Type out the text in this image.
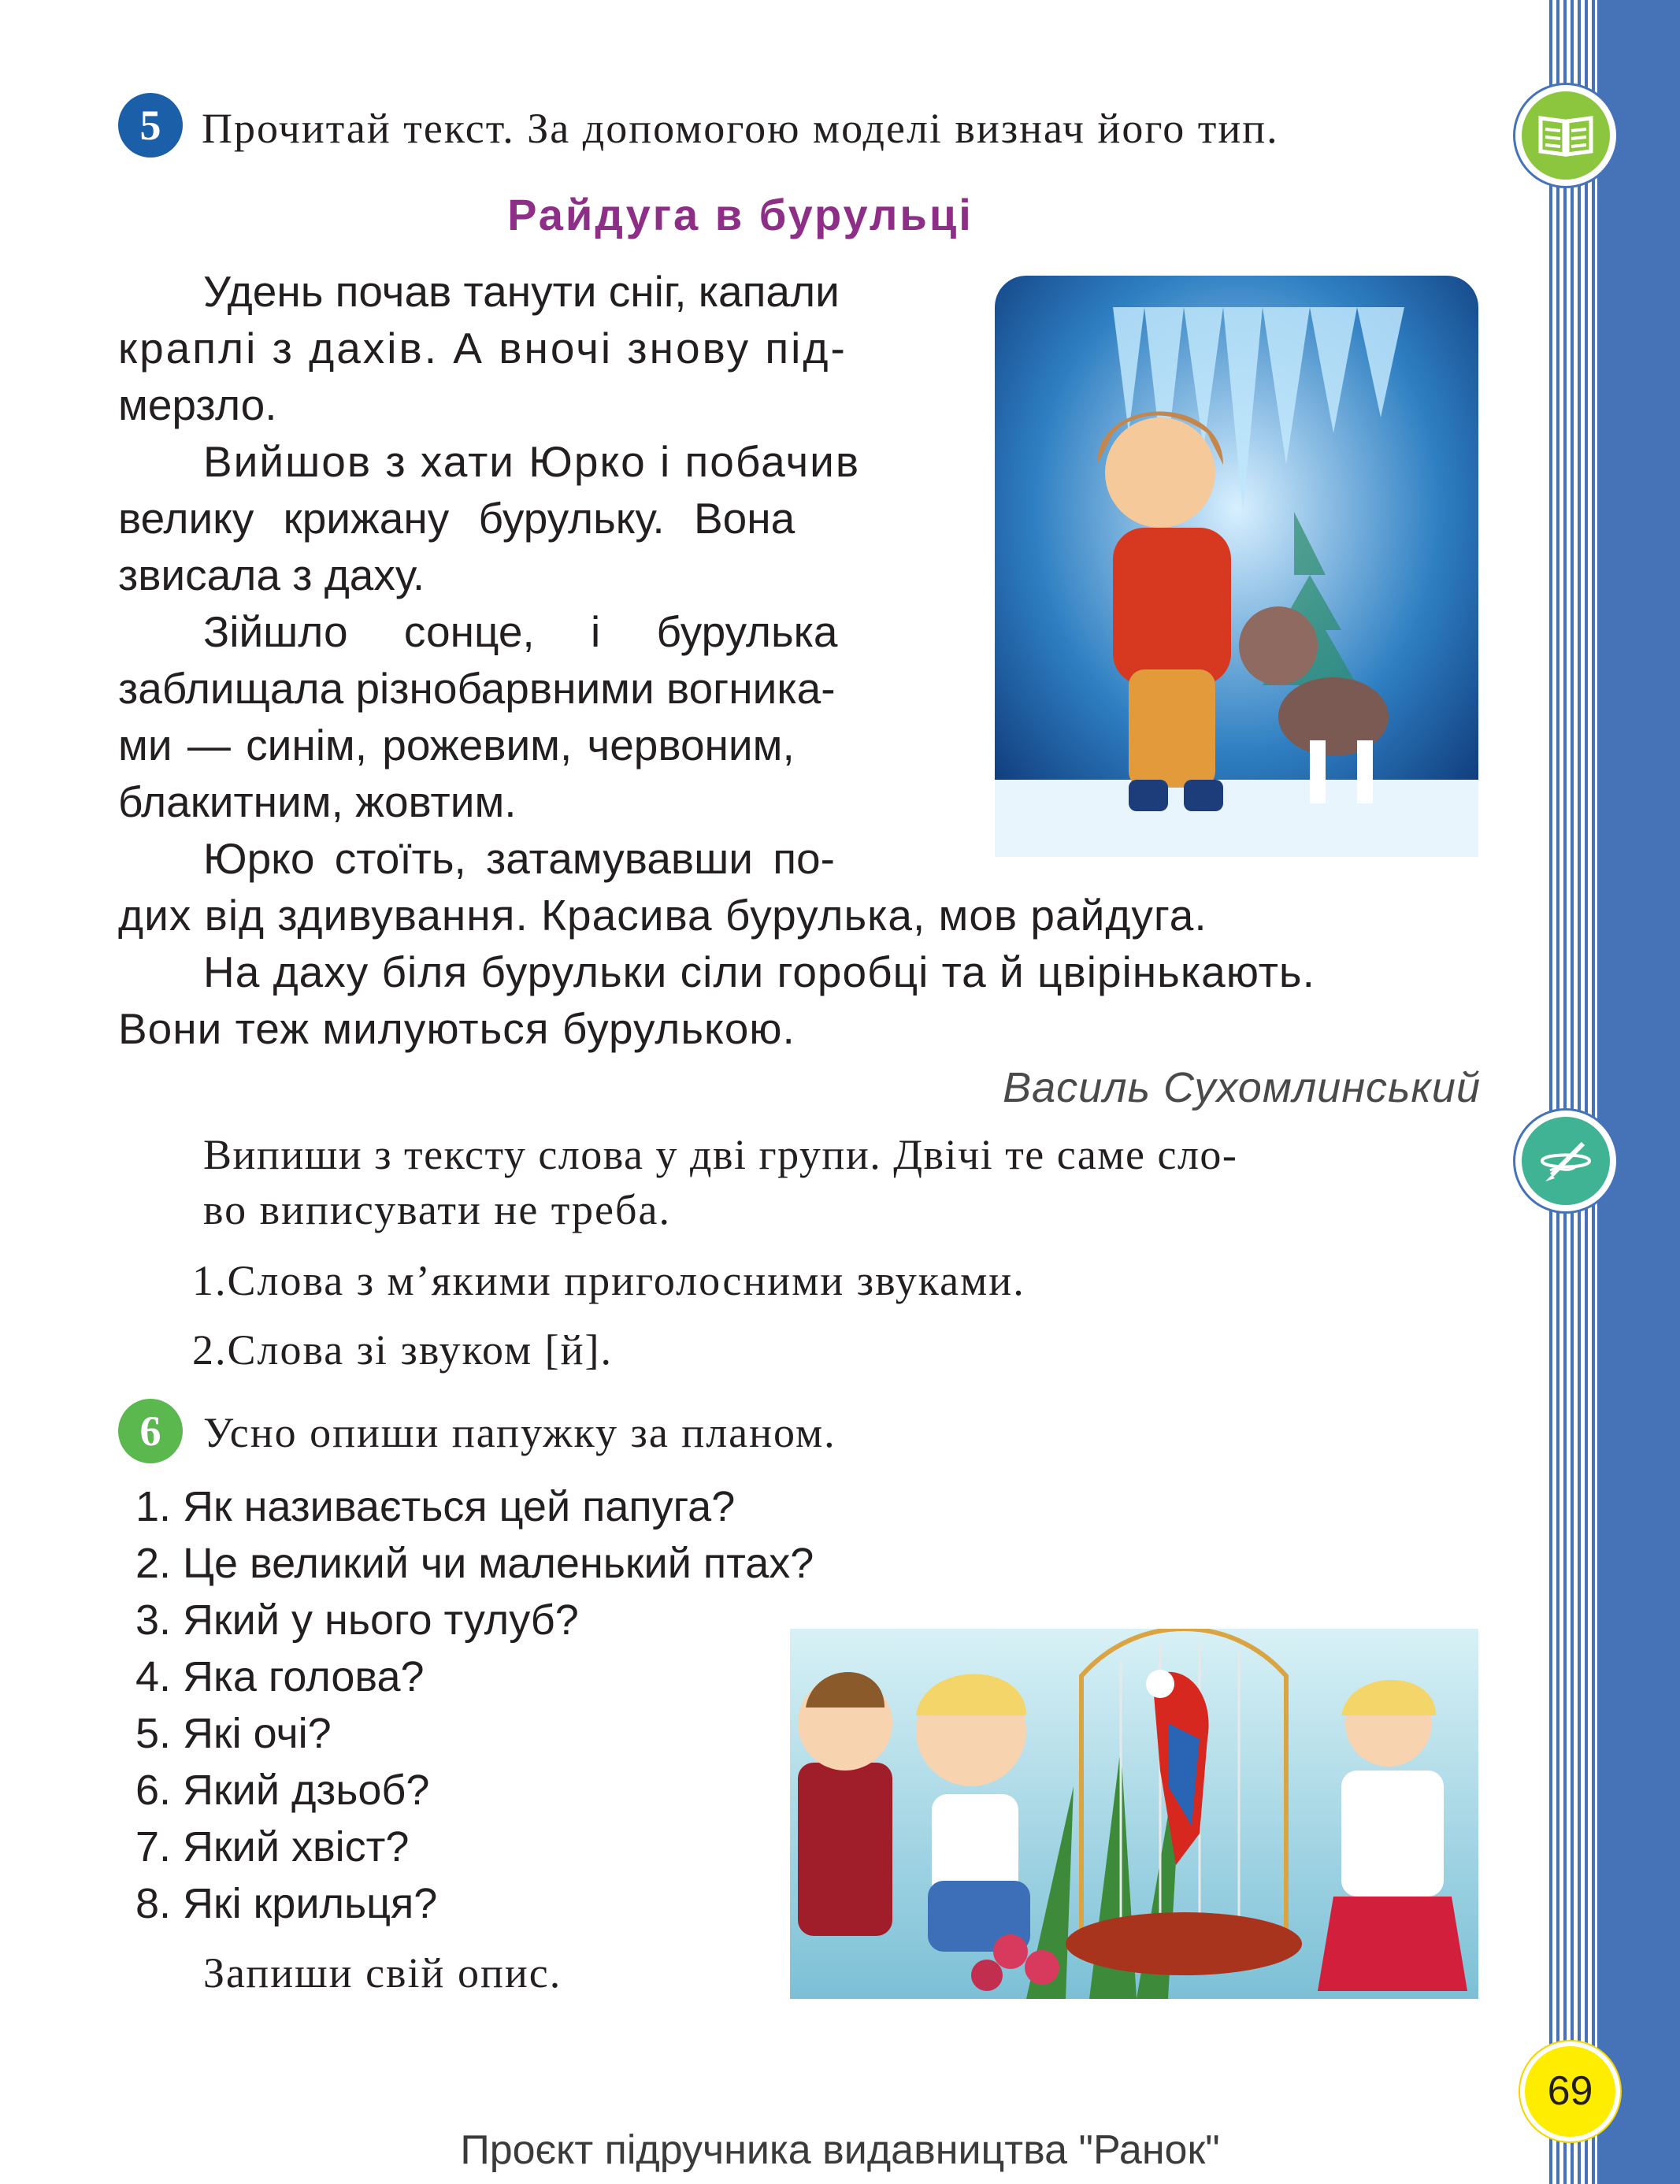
69
5 Прочитай текст. За допомогою моделі визнач його тип.
Райдуга в бурульці
Удень почав танути сніг, капали
краплі з дахів. А вночі знову під-
мерзло.
Вийшов з хати Юрко і побачив
велику крижану бурульку. Вона
звисала з даху.
Зійшло сонце, і бурулька
заблищала різнобарвними вогника-
ми — синім, рожевим, червоним,
блакитним, жовтим.
Юрко стоїть, затамувавши по-
дих від здивування. Красива бурулька, мов райдуга.
На даху біля бурульки сіли горобці та й цвірінькають.
Вони теж милуються бурулькою.
Василь Сухомлинський
Випиши з тексту слова у дві групи. Двічі те саме сло-
во виписувати не треба.
1.Слова з м’якими приголосними звуками.
2.Слова зі звуком [й].
6 Усно опиши папужку за планом.
1. Як називається цей папуга?
2. Це великий чи маленький птах?
3. Який у нього тулуб?
4. Яка голова?
5. Які очі?
6. Який дзьоб?
7. Який хвіст?
8. Які крильця?
Запиши свій опис.
Проєкт підручника видавництва "Ранок"
